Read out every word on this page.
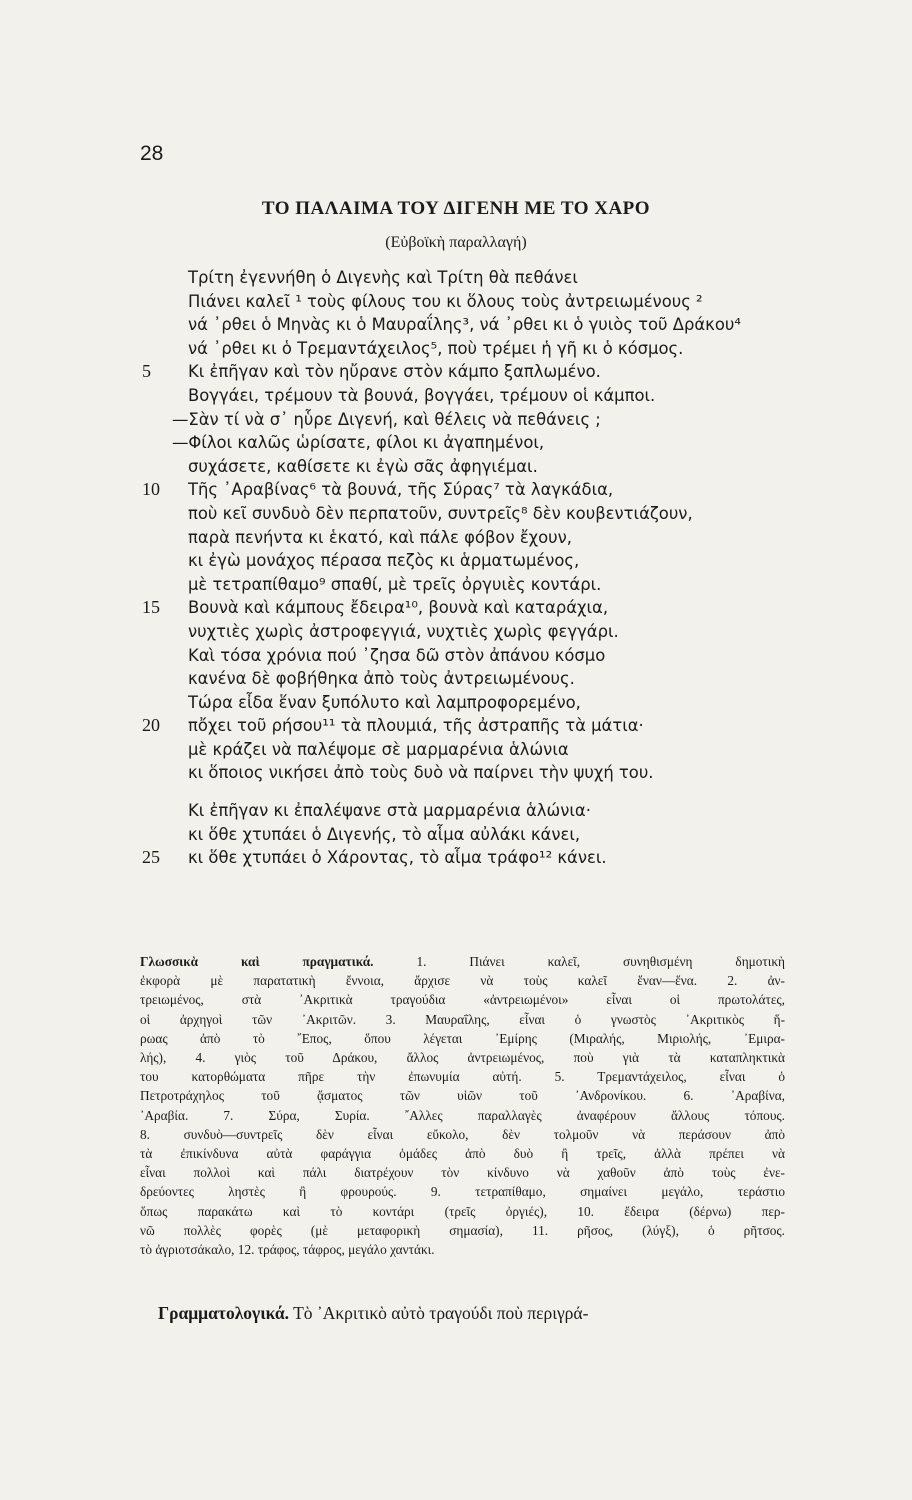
28
ΤΟ ΠΑΛΑΙΜΑ ΤΟΥ ΔΙΓΕΝΗ ΜΕ ΤΟ ΧΑΡΟ
(Εὐβοϊκὴ παραλλαγή)
Τρίτη ἐγεννήθη ὁ Διγενὴς καὶ Τρίτη θὰ πεθάνει
Πιάνει καλεῖ ¹ τοὺς φίλους του κι ὅλους τοὺς ἀντρειωμένους ²
νά ᾽ρθει ὁ Μηνὰς κι ὁ Μαυραΐλης³, νά ᾽ρθει κι ὁ γυιὸς τοῦ Δράκου⁴
νά ᾽ρθει κι ὁ Τρεμαντάχειλος⁵, ποὺ τρέμει ἡ γῆ κι ὁ κόσμος.
5 Κι ἐπῆγαν καὶ τὸν ηὔρανε στὸν κάμπο ξαπλωμένο.
Βογγάει, τρέμουν τὰ βουνά, βογγάει, τρέμουν οἱ κάμποι.
—Σὰν τί νὰ σ᾽ ηὗρε Διγενή, καὶ θέλεις νὰ πεθάνεις ;
—Φίλοι καλῶς ὡρίσατε, φίλοι κι ἀγαπημένοι,
συχάσετε, καθίσετε κι ἐγὼ σᾶς ἀφηγιέμαι.
10 Τῆς ᾽Αραβίνας⁶ τὰ βουνά, τῆς Σύρας⁷ τὰ λαγκάδια,
ποὺ κεῖ συνδυὸ δὲν περπατοῦν, συντρεῖς⁸ δὲν κουβεντιάζουν,
παρὰ πενήντα κι ἑκατό, καὶ πάλε φόβον ἔχουν,
κι ἐγὼ μονάχος πέρασα πεζὸς κι ἁρματωμένος,
μὲ τετραπίθαμο⁹ σπαθί, μὲ τρεῖς ὀργυιὲς κοντάρι.
15 Βουνὰ καὶ κάμπους ἔδειρα¹⁰, βουνὰ καὶ καταράχια,
νυχτιὲς χωρὶς ἀστροφεγγιά, νυχτιὲς χωρὶς φεγγάρι.
Καὶ τόσα χρόνια πού ᾽ζησα δῶ στὸν ἀπάνου κόσμο
κανένα δὲ φοβήθηκα ἀπὸ τοὺς ἀντρειωμένους.
Τώρα εἶδα ἕναν ξυπόλυτο καὶ λαμπροφορεμένο,
20 πὄχει τοῦ ρήσου¹¹ τὰ πλουμιά, τῆς ἀστραπῆς τὰ μάτια·
μὲ κράζει νὰ παλέψομε σὲ μαρμαρένια ἁλώνια
κι ὅποιος νικήσει ἀπὸ τοὺς δυὸ νὰ παίρνει τὴν ψυχή του.
Κι ἐπῆγαν κι ἐπαλέψανε στὰ μαρμαρένια ἁλώνια·
κι ὅθε χτυπάει ὁ Διγενής, τὸ αἷμα αὐλάκι κάνει,
25 κι ὅθε χτυπάει ὁ Χάροντας, τὸ αἷμα τράφο¹² κάνει.
Γλωσσικὰ καὶ πραγματικά.	1. Πιάνει καλεῖ, συνηθισμένη δημοτικὴ
ἐκφορὰ μὲ παρατατικὴ ἔννοια, ἄρχισε νὰ τοὺς καλεῖ ἕναν—ἕνα. 2. ἀν-
τρειωμένος, στὰ ᾽Ακριτικὰ τραγούδια «ἀντρειωμένοι» εἶναι οἱ πρωτολάτες,
οἱ ἀρχηγοὶ τῶν ᾽Ακριτῶν. 3. Μαυραΐλης, εἶναι ὁ γνωστὸς ᾽Ακριτικὸς ἥ-
ρωας ἀπὸ τὸ ῎Επος, ὅπου λέγεται ᾽Εμίρης (Μιραλής, Μιριολής, ᾽Εμιρα-
λής), 4. γιὸς τοῦ Δράκου, ἄλλος ἀντρειωμένος, ποὺ γιὰ τὰ καταπληκτικὰ
του κατορθώματα πῆρε τὴν ἐπωνυμία αὐτή. 5. Τρεμαντάχειλος, εἶναι ὁ
Πετροτράχηλος τοῦ ᾄσματος τῶν υἱῶν τοῦ ᾽Ανδρονίκου. 6. ᾽Αραβίνα,
᾽Αραβία. 7. Σύρα, Συρία. ῎Αλλες παραλλαγὲς ἀναφέρουν ἄλλους τόπους.
8. συνδυὸ—συντρεῖς δὲν εἶναι εὔκολο, δὲν τολμοῦν νὰ περάσουν ἀπὸ
τὰ ἐπικίνδυνα αὐτὰ φαράγγια ὁμάδες ἀπὸ δυὸ ἢ τρεῖς, ἀλλὰ πρέπει νὰ
εἶναι πολλοὶ καὶ πάλι διατρέχουν τὸν κίνδυνο νὰ χαθοῦν ἀπὸ τοὺς ἐνε-
δρεύοντες ληστὲς ἢ φρουρούς. 9. τετραπίθαμο, σημαίνει μεγάλο, τεράστιο
ὅπως παρακάτω καὶ τὸ κοντάρι (τρεῖς ὀργιές), 10. ἔδειρα (δέρνω) περ-
νῶ πολλὲς φορὲς (μὲ μεταφορικὴ σημασία), 11. ρῆσος, (λύγξ), ὁ ρῆτσος.
τὸ ἀγριοτσάκαλο, 12. τράφος, τάφρος, μεγάλο χαντάκι.
Γραμματολογικά. Τὸ ᾽Ακριτικὸ αὐτὸ τραγούδι ποὺ περιγρά-
